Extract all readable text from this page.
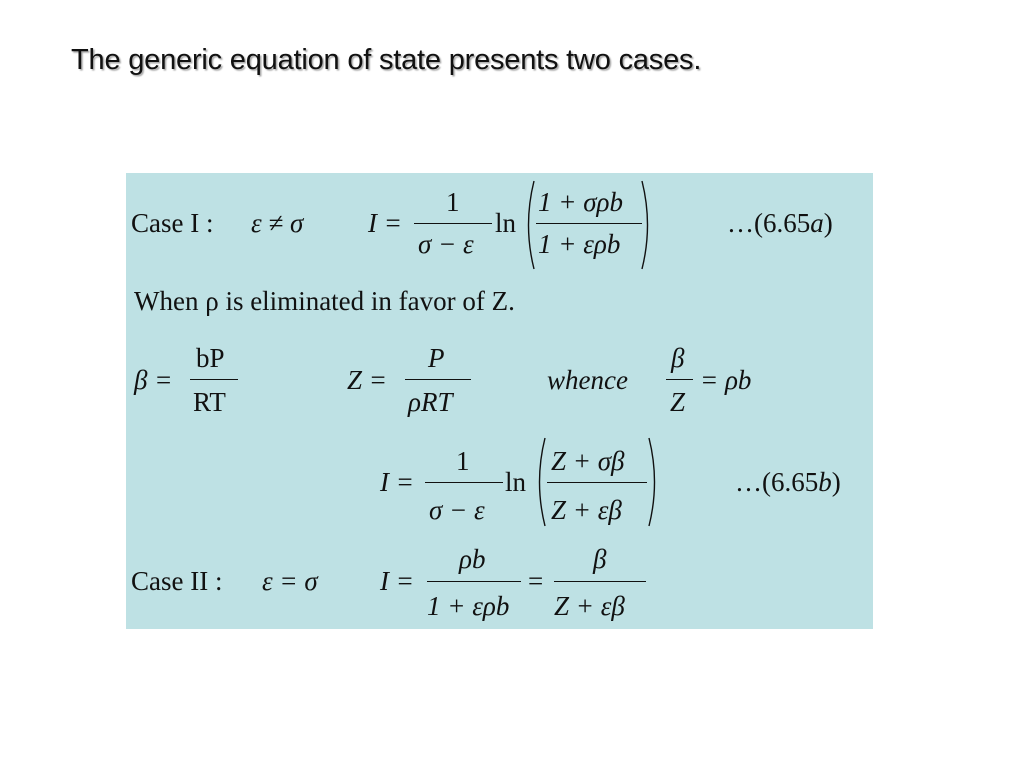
The generic equation of state presents two cases.
Case I : ε ≠ σ I =
1
σ − ε
ln
1 + σρb
1 + ερb
…(6.65a)
When ρ is eliminated in favor of Z.
β =
bP
RT
Z =
P
ρRT
whence
β
Z
= ρb
I =
1
σ − ε
ln
Z + σβ
Z + εβ
…(6.65b)
Case II : ε = σ I =
ρb
1 + ερb
=
β
Z + εβ
